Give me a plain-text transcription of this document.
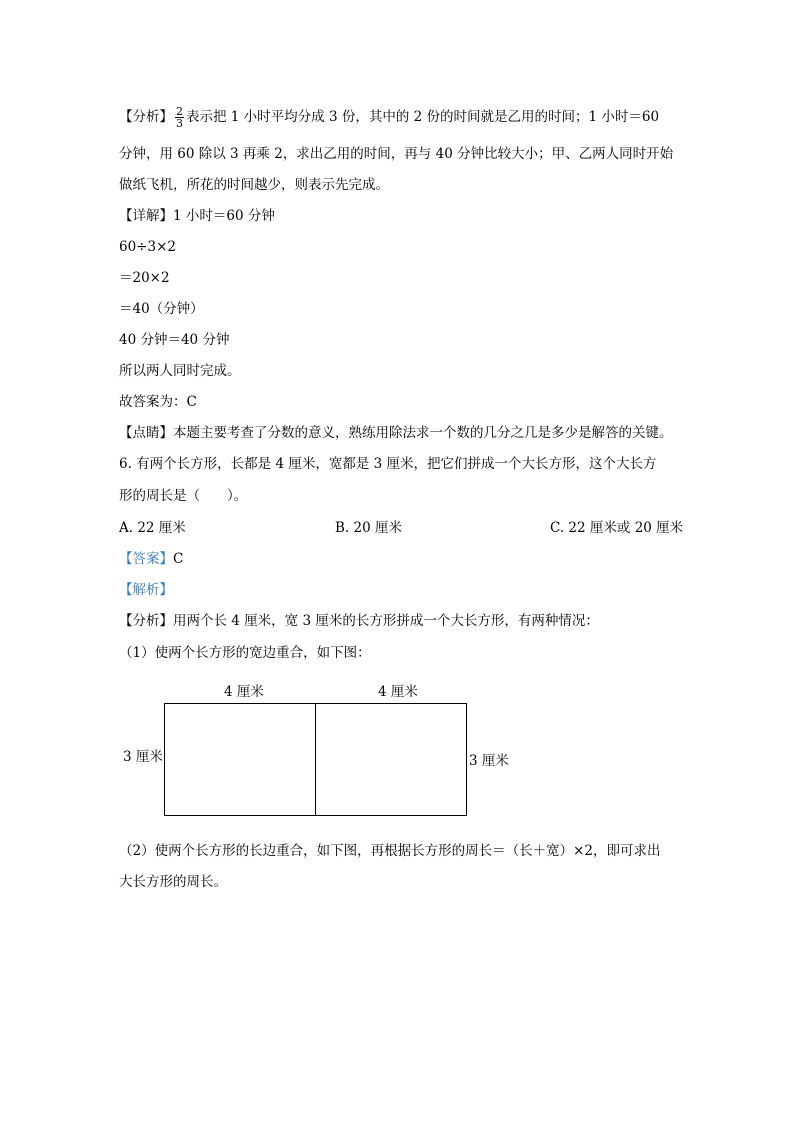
【分析】 $\frac{2}{3}$ 表示把 1 小时平均分成 3 份，其中的 2 份的时间就是乙用的时间；1 小时＝60
分钟，用 60 除以 3 再乘 2，求出乙用的时间，再与 40 分钟比较大小；甲、乙两人同时开始
做纸飞机，所花的时间越少，则表示先完成。
【详解】1 小时＝60 分钟
60÷3×2
＝20×2
＝40（分钟）
40 分钟＝40 分钟
所以两人同时完成。
故答案为：C
【点睛】本题主要考查了分数的意义，熟练用除法求一个数的几分之几是多少是解答的关键。
6. 有两个长方形，长都是 4 厘米，宽都是 3 厘米，把它们拼成一个大长方形，这个大长方
形的周长是（　　）。
A. 22 厘米	B. 20 厘米	C. 22 厘米或 20 厘米
【答案】C
【解析】
【分析】用两个长 4 厘米，宽 3 厘米的长方形拼成一个大长方形，有两种情况：
（1）使两个长方形的宽边重合，如下图：
4 厘米	4 厘米
3 厘米	3 厘米
（2）使两个长方形的长边重合，如下图，再根据长方形的周长＝（长＋宽）×2，即可求出
大长方形的周长。
